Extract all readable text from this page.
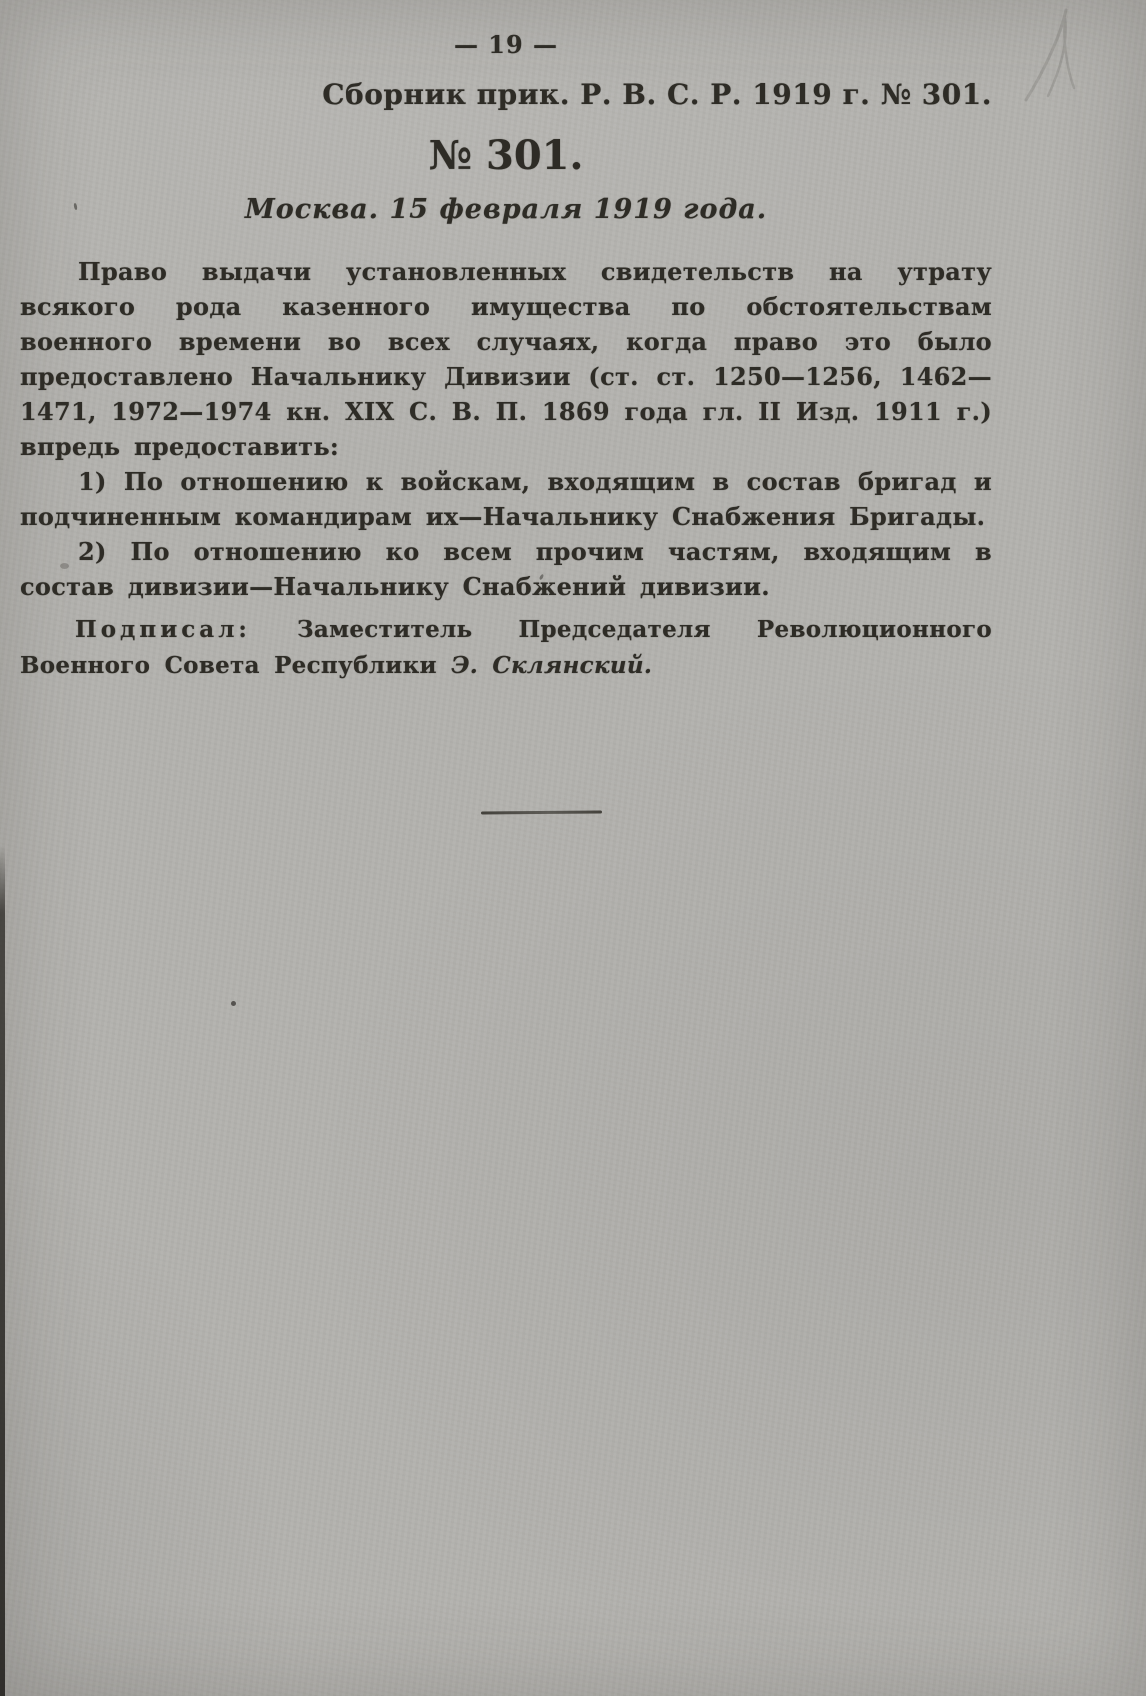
— 19 —
Сборник прик. Р. В. С. Р. 1919 г. № 301.
№ 301.
Москва. 15 февраля 1919 года.

Право выдачи установленных свидетельств на утрату всякого рода казенного имущества по обстоятельствам военного времени во всех случаях, когда право это было предоставлено Начальнику Дивизии (ст. ст. 1250—1256, 1462—1471, 1972—1974 кн. XIX С. В. П. 1869 года гл. II Изд. 1911 г.) впредь предоставить:

1) По отношению к войскам, входящим в состав бригад и подчиненным командирам их—Начальнику Снабжения Бригады.

2) По отношению ко всем прочим частям, входящим в состав дивизии—Начальнику Снабжений дивизии.

Подписал: Заместитель Председателя Революционного Военного Совета Республики Э. Склянский.
